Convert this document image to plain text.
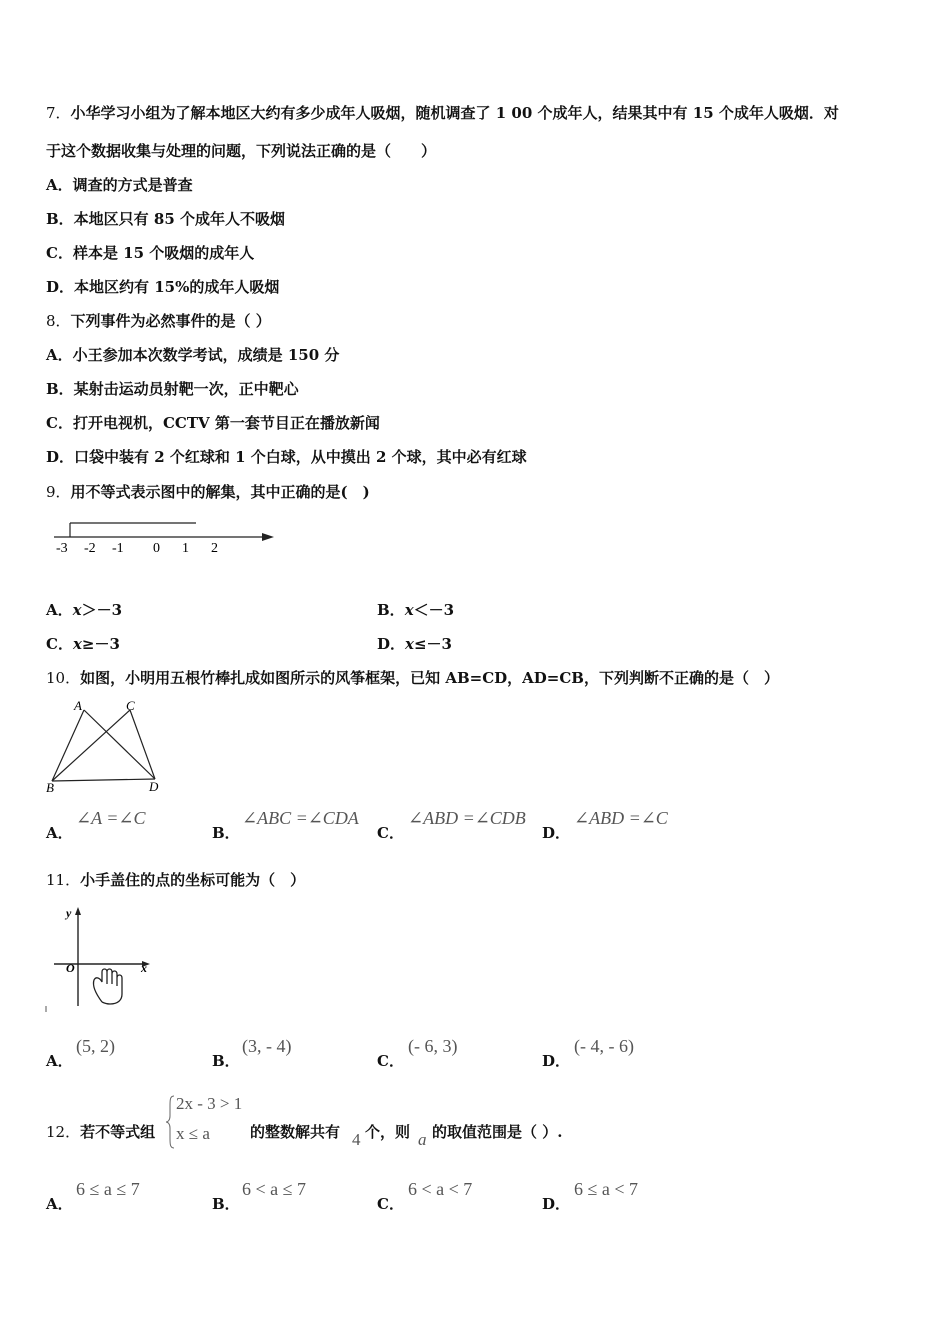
7．小华学习小组为了解本地区大约有多少成年人吸烟，随机调查了 1 00 个成年人，结果其中有 15 个成年人吸烟．对
于这个数据收集与处理的问题，下列说法正确的是（　　）
A．调查的方式是普查
B．本地区只有 85 个成年人不吸烟
C．样本是 15 个吸烟的成年人
D．本地区约有 15%的成年人吸烟
8．下列事件为必然事件的是（ ）
A．小王参加本次数学考试，成绩是 150 分
B．某射击运动员射靶一次，正中靶心
C．打开电视机，CCTV 第一套节目正在播放新闻
D．口袋中装有 2 个红球和 1 个白球，从中摸出 2 个球，其中必有红球
9．用不等式表示图中的解集，其中正确的是(　)
-3 -2 -1 0 1 2
A．x＞－3	B．x＜－3
C．x≥－3	D．x≤－3
10．如图，小明用五根竹棒扎成如图所示的风筝框架，已知 AB=CD，AD=CB，下列判断不正确的是（　）
A	C
B	D
A．
∠A =∠C
B．
∠ABC =∠CDA
C．
∠ABD =∠CDB
D．
∠ABD =∠C
11．小手盖住的点的坐标可能为（　）
y
O	x
A．
(5, 2)
B．
(3, - 4)
C．
(- 6, 3)
D．
(- 4, - 6)
12．若不等式组
2x - 3 > 1
x ≤ a	的整数解共有 4 个，则 a 的取值范围是（ ）.
A．
6 ≤ a ≤ 7
B．
6 < a ≤ 7
C．
6 < a < 7
D．
6 ≤ a < 7
